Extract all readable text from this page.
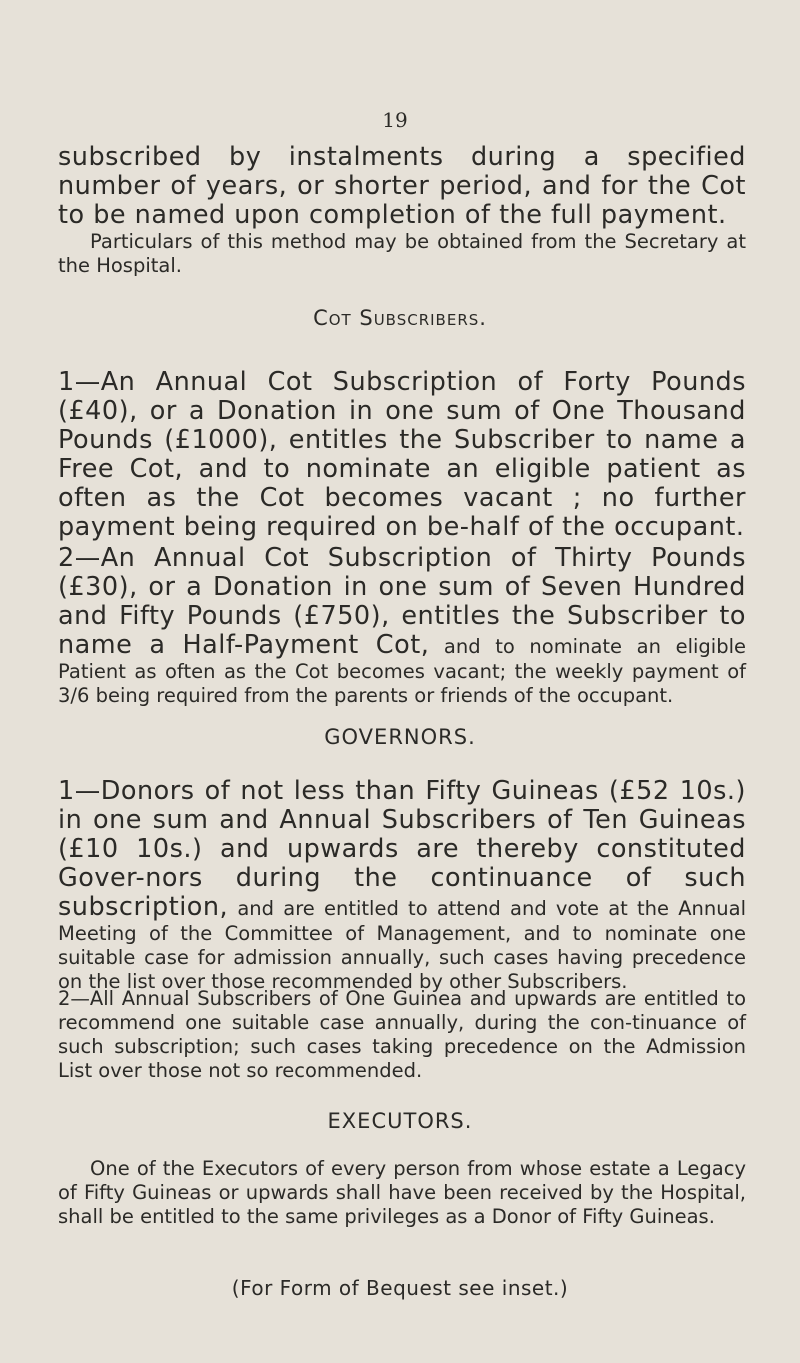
19

subscribed by instalments during a specified number of years, or shorter period, and for the Cot to be named upon completion of the full payment.

Particulars of this method may be obtained from the Secretary at the Hospital.

Cot Subscribers.

1—An Annual Cot Subscription of Forty Pounds (£40), or a Donation in one sum of One Thousand Pounds (£1000), entitles the Subscriber to name a Free Cot, and to nominate an eligible patient as often as the Cot becomes vacant ; no further payment being required on be-half of the occupant.

2—An Annual Cot Subscription of Thirty Pounds (£30), or a Donation in one sum of Seven Hundred and Fifty Pounds (£750), entitles the Subscriber to name a Half-Payment Cot, and to nominate an eligible Patient as often as the Cot becomes vacant; the weekly payment of 3/6 being required from the parents or friends of the occupant.

GOVERNORS.

1—Donors of not less than Fifty Guineas (£52 10s.) in one sum and Annual Subscribers of Ten Guineas (£10 10s.) and upwards are thereby constituted Gover-nors during the continuance of such subscription, and are entitled to attend and vote at the Annual Meeting of the Committee of Management, and to nominate one suitable case for admission annually, such cases having precedence on the list over those recommended by other Subscribers.

2—All Annual Subscribers of One Guinea and upwards are entitled to recommend one suitable case annually, during the con-tinuance of such subscription; such cases taking precedence on the Admission List over those not so recommended.

EXECUTORS.

One of the Executors of every person from whose estate a Legacy of Fifty Guineas or upwards shall have been received by the Hospital, shall be entitled to the same privileges as a Donor of Fifty Guineas.

(For Form of Bequest see inset.)
